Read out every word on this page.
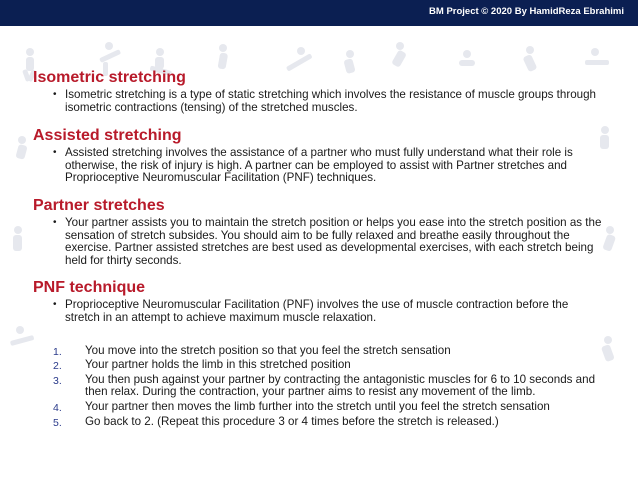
BM Project © 2020 By HamidReza Ebrahimi
Isometric stretching
• Isometric stretching is a type of static stretching which involves the resistance of muscle groups through isometric contractions (tensing) of the stretched muscles.
Assisted stretching
• Assisted stretching involves the assistance of a partner who must fully understand what their role is otherwise, the risk of injury is high. A partner can be employed to assist with Partner stretches and Proprioceptive Neuromuscular Facilitation (PNF) techniques.
Partner stretches
• Your partner assists you to maintain the stretch position or helps you ease into the stretch position as the sensation of stretch subsides. You should aim to be fully relaxed and breathe easily throughout the exercise. Partner assisted stretches are best used as developmental exercises, with each stretch being held for thirty seconds.
PNF technique
• Proprioceptive Neuromuscular Facilitation (PNF) involves the use of muscle contraction before the stretch in an attempt to achieve maximum muscle relaxation.
1. You move into the stretch position so that you feel the stretch sensation
2. Your partner holds the limb in this stretched position
3. You then push against your partner by contracting the antagonistic muscles for 6 to 10 seconds and then relax. During the contraction, your partner aims to resist any movement of the limb.
4. Your partner then moves the limb further into the stretch until you feel the stretch sensation
5. Go back to 2. (Repeat this procedure 3 or 4 times before the stretch is released.)
